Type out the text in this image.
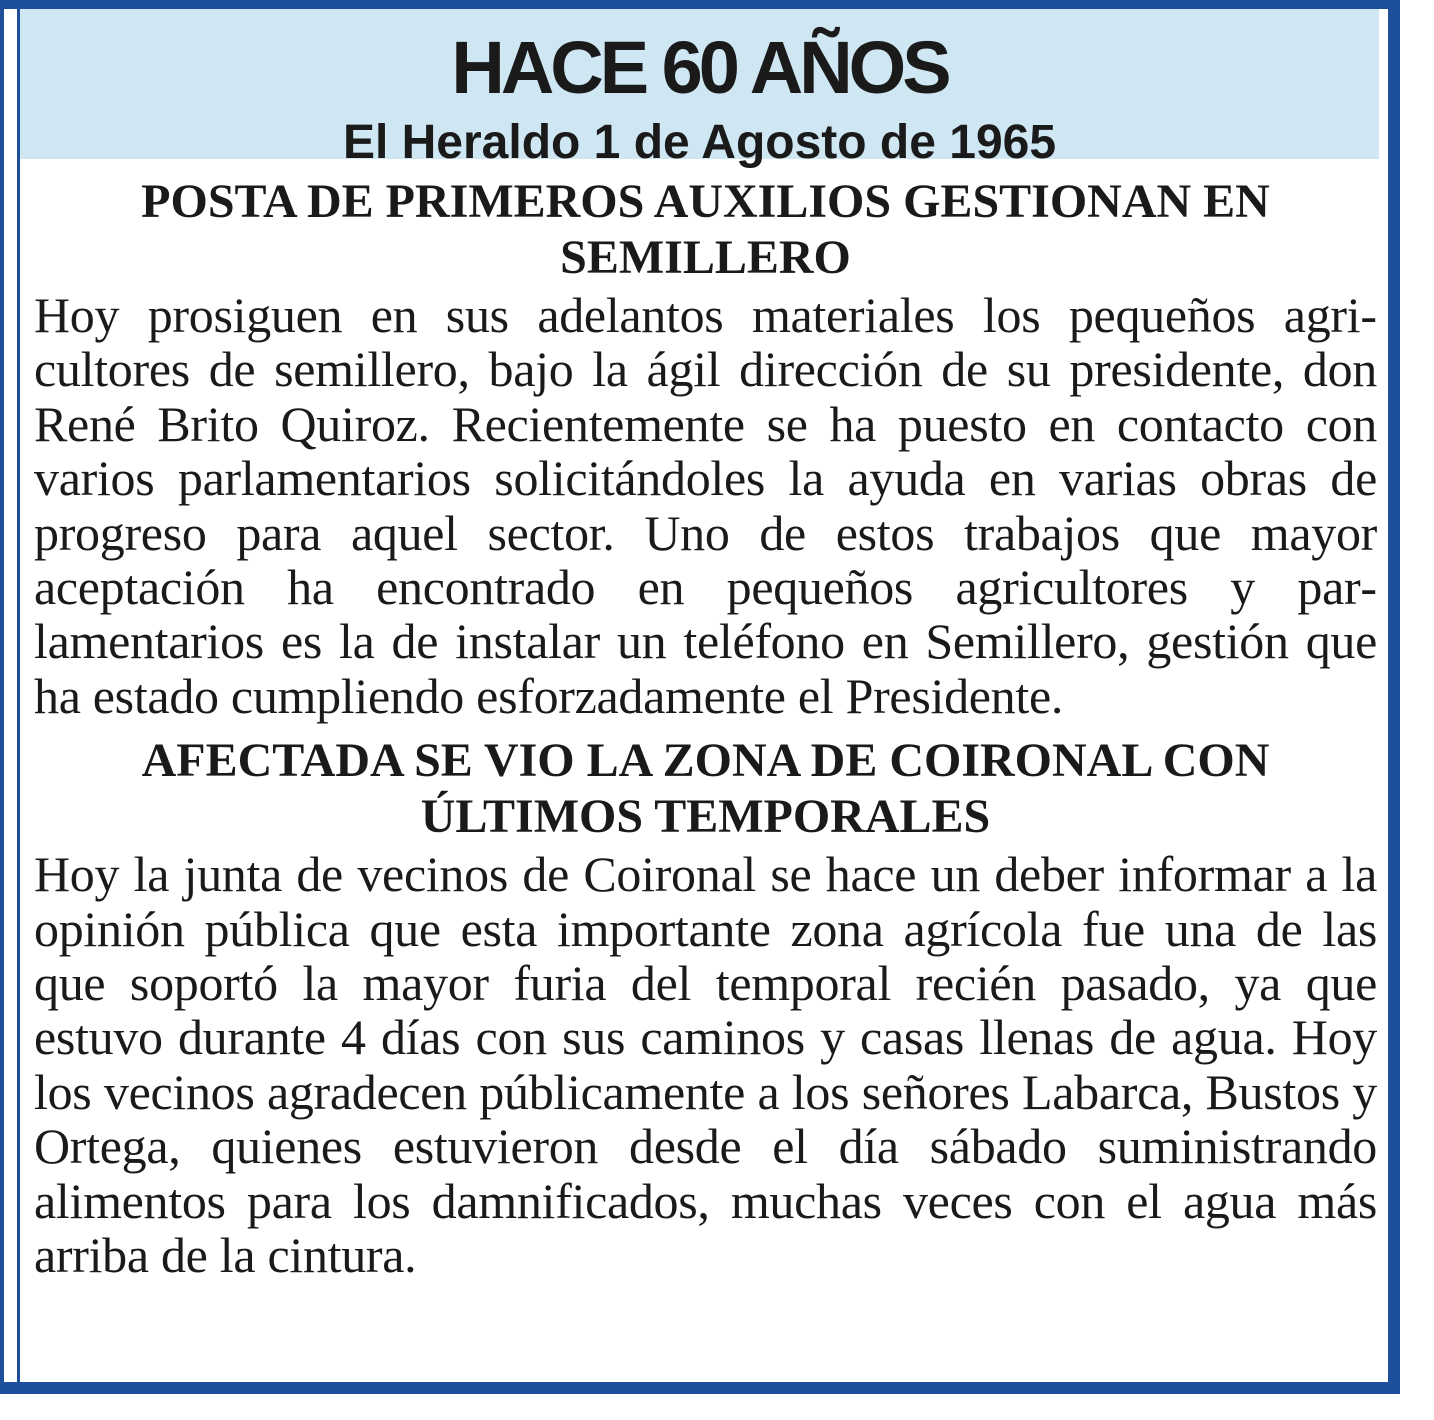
HACE 60 AÑOS
El Heraldo 1 de Agosto de 1965
POSTA DE PRIMEROS AUXILIOS GESTIONAN EN
SEMILLERO

Hoy prosiguen en sus adelantos materiales los pequeños agricultores de semillero, bajo la ágil dirección de su presidente, don René Brito Quiroz. Recientemente se ha puesto en contacto con varios parlamentarios solicitándoles la ayuda en varias obras de progreso para aquel sector. Uno de estos trabajos que mayor aceptación ha encontrado en pequeños agricultores y parlamentarios es la de instalar un teléfono en Semillero, gestión que ha estado cumpliendo esforzadamente el Presidente.

AFECTADA SE VIO LA ZONA DE COIRONAL CON
ÚLTIMOS TEMPORALES

Hoy la junta de vecinos de Coironal se hace un deber informar a la opinión pública que esta importante zona agrícola fue una de las que soportó la mayor furia del temporal recién pasado, ya que estuvo durante 4 días con sus caminos y casas llenas de agua. Hoy los vecinos agradecen públicamente a los señores Labarca, Bustos y Ortega, quienes estuvieron desde el día sábado suministrando alimentos para los damnificados, muchas veces con el agua más arriba de la cintura.
